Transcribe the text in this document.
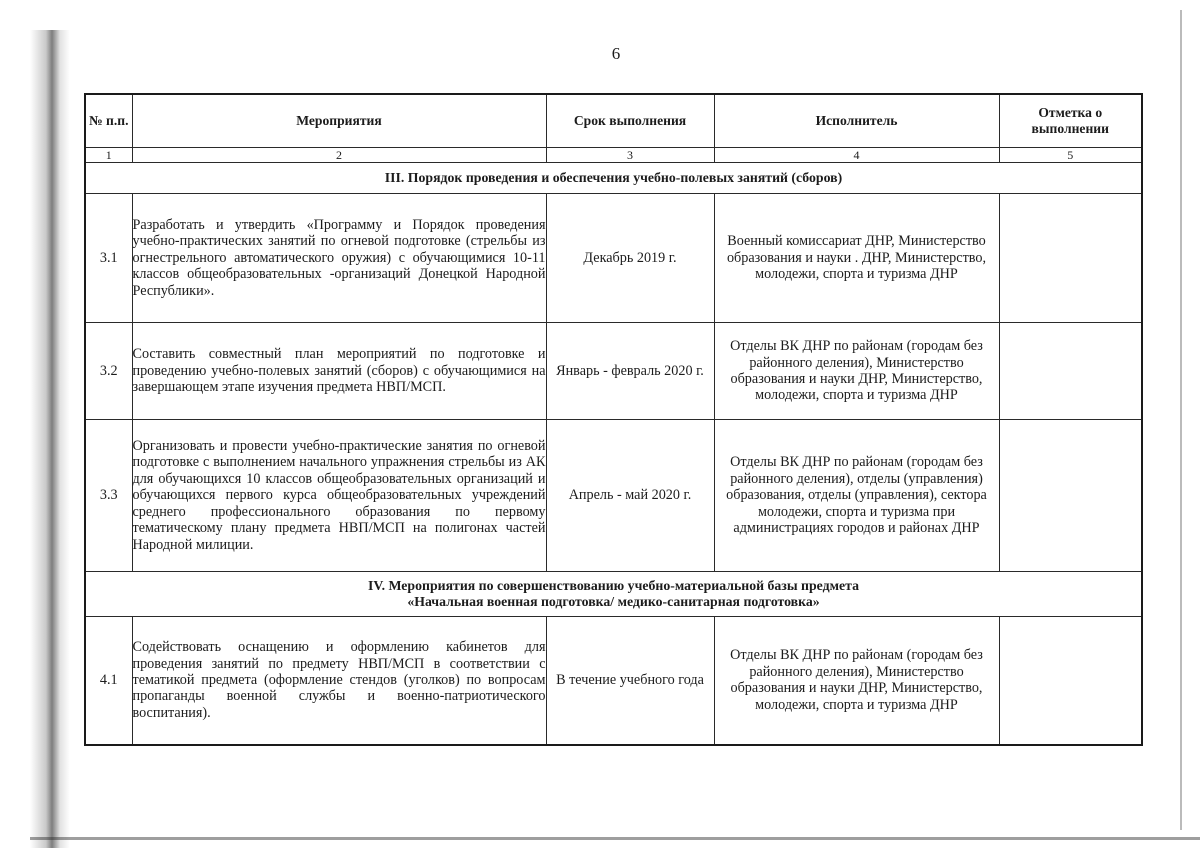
6
№ п.п.	Мероприятия	Срок выполнения	Исполнитель	Отметка о выполнении
1	2	3	4	5
III. Порядок проведения и обеспечения учебно-полевых занятий (сборов)				
3.1	Разработать и утвердить «Программу и Порядок проведения учебно-практических занятий по огневой подготовке (стрельбы из огнестрельного автоматического оружия) с обучающимися 10-11 классов общеобразовательных -организаций Донецкой Народной Республики».	Декабрь 2019 г.	Военный комиссариат ДНР, Министерство образования и науки . ДНР, Министерство, молодежи, спорта и туризма ДНР	
3.2	Составить совместный план мероприятий по подготовке и проведению учебно-полевых занятий (сборов) с обучающимися на завершающем этапе изучения предмета НВП/МСП.	Январь - февраль 2020 г.	Отделы ВК ДНР по районам (городам без районного деления), Министерство образования и науки ДНР, Министерство, молодежи, спорта и туризма ДНР	
3.3	Организовать и провести учебно-практические занятия по огневой подготовке с выполнением начального упражнения стрельбы из АК для обучающихся 10 классов общеобразовательных организаций и обучающихся первого курса общеобразовательных учреждений среднего профессионального образования по первому тематическому плану предмета НВП/МСП на полигонах частей Народной милиции.	Апрель - май 2020 г.	Отделы ВК ДНР по районам (городам без районного деления), отделы (управления) образования, отделы (управления), сектора молодежи, спорта и туризма при администрациях городов и районах ДНР	

IV. Мероприятия по совершенствованию учебно-материальной базы предмета
«Начальная военная подготовка/ медико-санитарная подготовка»				

4.1	Содействовать оснащению и оформлению кабинетов для проведения занятий по предмету НВП/МСП в соответствии с тематикой предмета (оформление стендов (уголков) по вопросам пропаганды военной службы и военно-патриотического воспитания).	В течение учебного года	Отделы ВК ДНР по районам (городам без районного деления), Министерство образования и науки ДНР, Министерство, молодежи, спорта и туризма ДНР	
